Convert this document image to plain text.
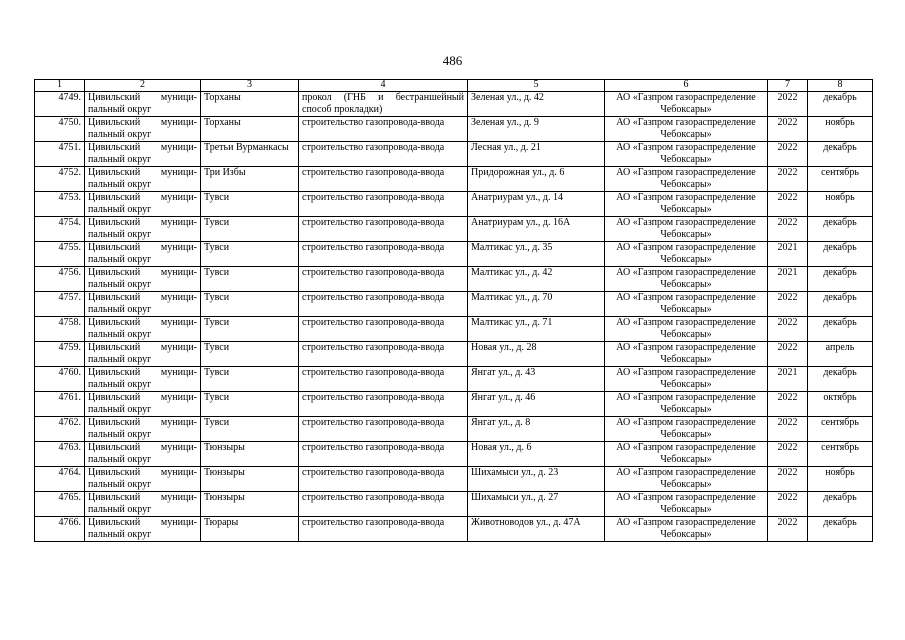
486
1	2	3	4	5	6	7	8
4749.	Цивильский муници-пальный округ	Торханы	прокол (ГНБ и бестраншейный способ прокладки)	Зеленая ул., д. 42	АО «Газпром газораспределение Чебоксары»	2022	декабрь
4750.	Цивильский муници-пальный округ	Торханы	строительство газопровода-ввода	Зеленая ул., д. 9	АО «Газпром газораспределение Чебоксары»	2022	ноябрь
4751.	Цивильский муници-пальный округ	Третьи Вурманкасы	строительство газопровода-ввода	Лесная ул., д. 21	АО «Газпром газораспределение Чебоксары»	2022	декабрь
4752.	Цивильский муници-пальный округ	Три Избы	строительство газопровода-ввода	Придорожная ул., д. 6	АО «Газпром газораспределение Чебоксары»	2022	сентябрь
4753.	Цивильский муници-пальный округ	Тувси	строительство газопровода-ввода	Анатриурам ул., д. 14	АО «Газпром газораспределение Чебоксары»	2022	ноябрь
4754.	Цивильский муници-пальный округ	Тувси	строительство газопровода-ввода	Анатриурам ул., д. 16А	АО «Газпром газораспределение Чебоксары»	2022	декабрь
4755.	Цивильский муници-пальный округ	Тувси	строительство газопровода-ввода	Малтикас ул., д. 35	АО «Газпром газораспределение Чебоксары»	2021	декабрь
4756.	Цивильский муници-пальный округ	Тувси	строительство газопровода-ввода	Малтикас ул., д. 42	АО «Газпром газораспределение Чебоксары»	2021	декабрь
4757.	Цивильский муници-пальный округ	Тувси	строительство газопровода-ввода	Малтикас ул., д. 70	АО «Газпром газораспределение Чебоксары»	2022	декабрь
4758.	Цивильский муници-пальный округ	Тувси	строительство газопровода-ввода	Малтикас ул., д. 71	АО «Газпром газораспределение Чебоксары»	2022	декабрь
4759.	Цивильский муници-пальный округ	Тувси	строительство газопровода-ввода	Новая ул., д. 28	АО «Газпром газораспределение Чебоксары»	2022	апрель
4760.	Цивильский муници-пальный округ	Тувси	строительство газопровода-ввода	Янгат ул., д. 43	АО «Газпром газораспределение Чебоксары»	2021	декабрь
4761.	Цивильский муници-пальный округ	Тувси	строительство газопровода-ввода	Янгат ул., д. 46	АО «Газпром газораспределение Чебоксары»	2022	октябрь
4762.	Цивильский муници-пальный округ	Тувси	строительство газопровода-ввода	Янгат ул., д. 8	АО «Газпром газораспределение Чебоксары»	2022	сентябрь
4763.	Цивильский муници-пальный округ	Тюнзыры	строительство газопровода-ввода	Новая ул., д. 6	АО «Газпром газораспределение Чебоксары»	2022	сентябрь
4764.	Цивильский муници-пальный округ	Тюнзыры	строительство газопровода-ввода	Шихамыси ул., д. 23	АО «Газпром газораспределение Чебоксары»	2022	ноябрь
4765.	Цивильский муници-пальный округ	Тюнзыры	строительство газопровода-ввода	Шихамыси ул., д. 27	АО «Газпром газораспределение Чебоксары»	2022	декабрь
4766.	Цивильский муници-пальный округ	Тюрары	строительство газопровода-ввода	Животноводов ул., д. 47А	АО «Газпром газораспределение Чебоксары»	2022	декабрь
